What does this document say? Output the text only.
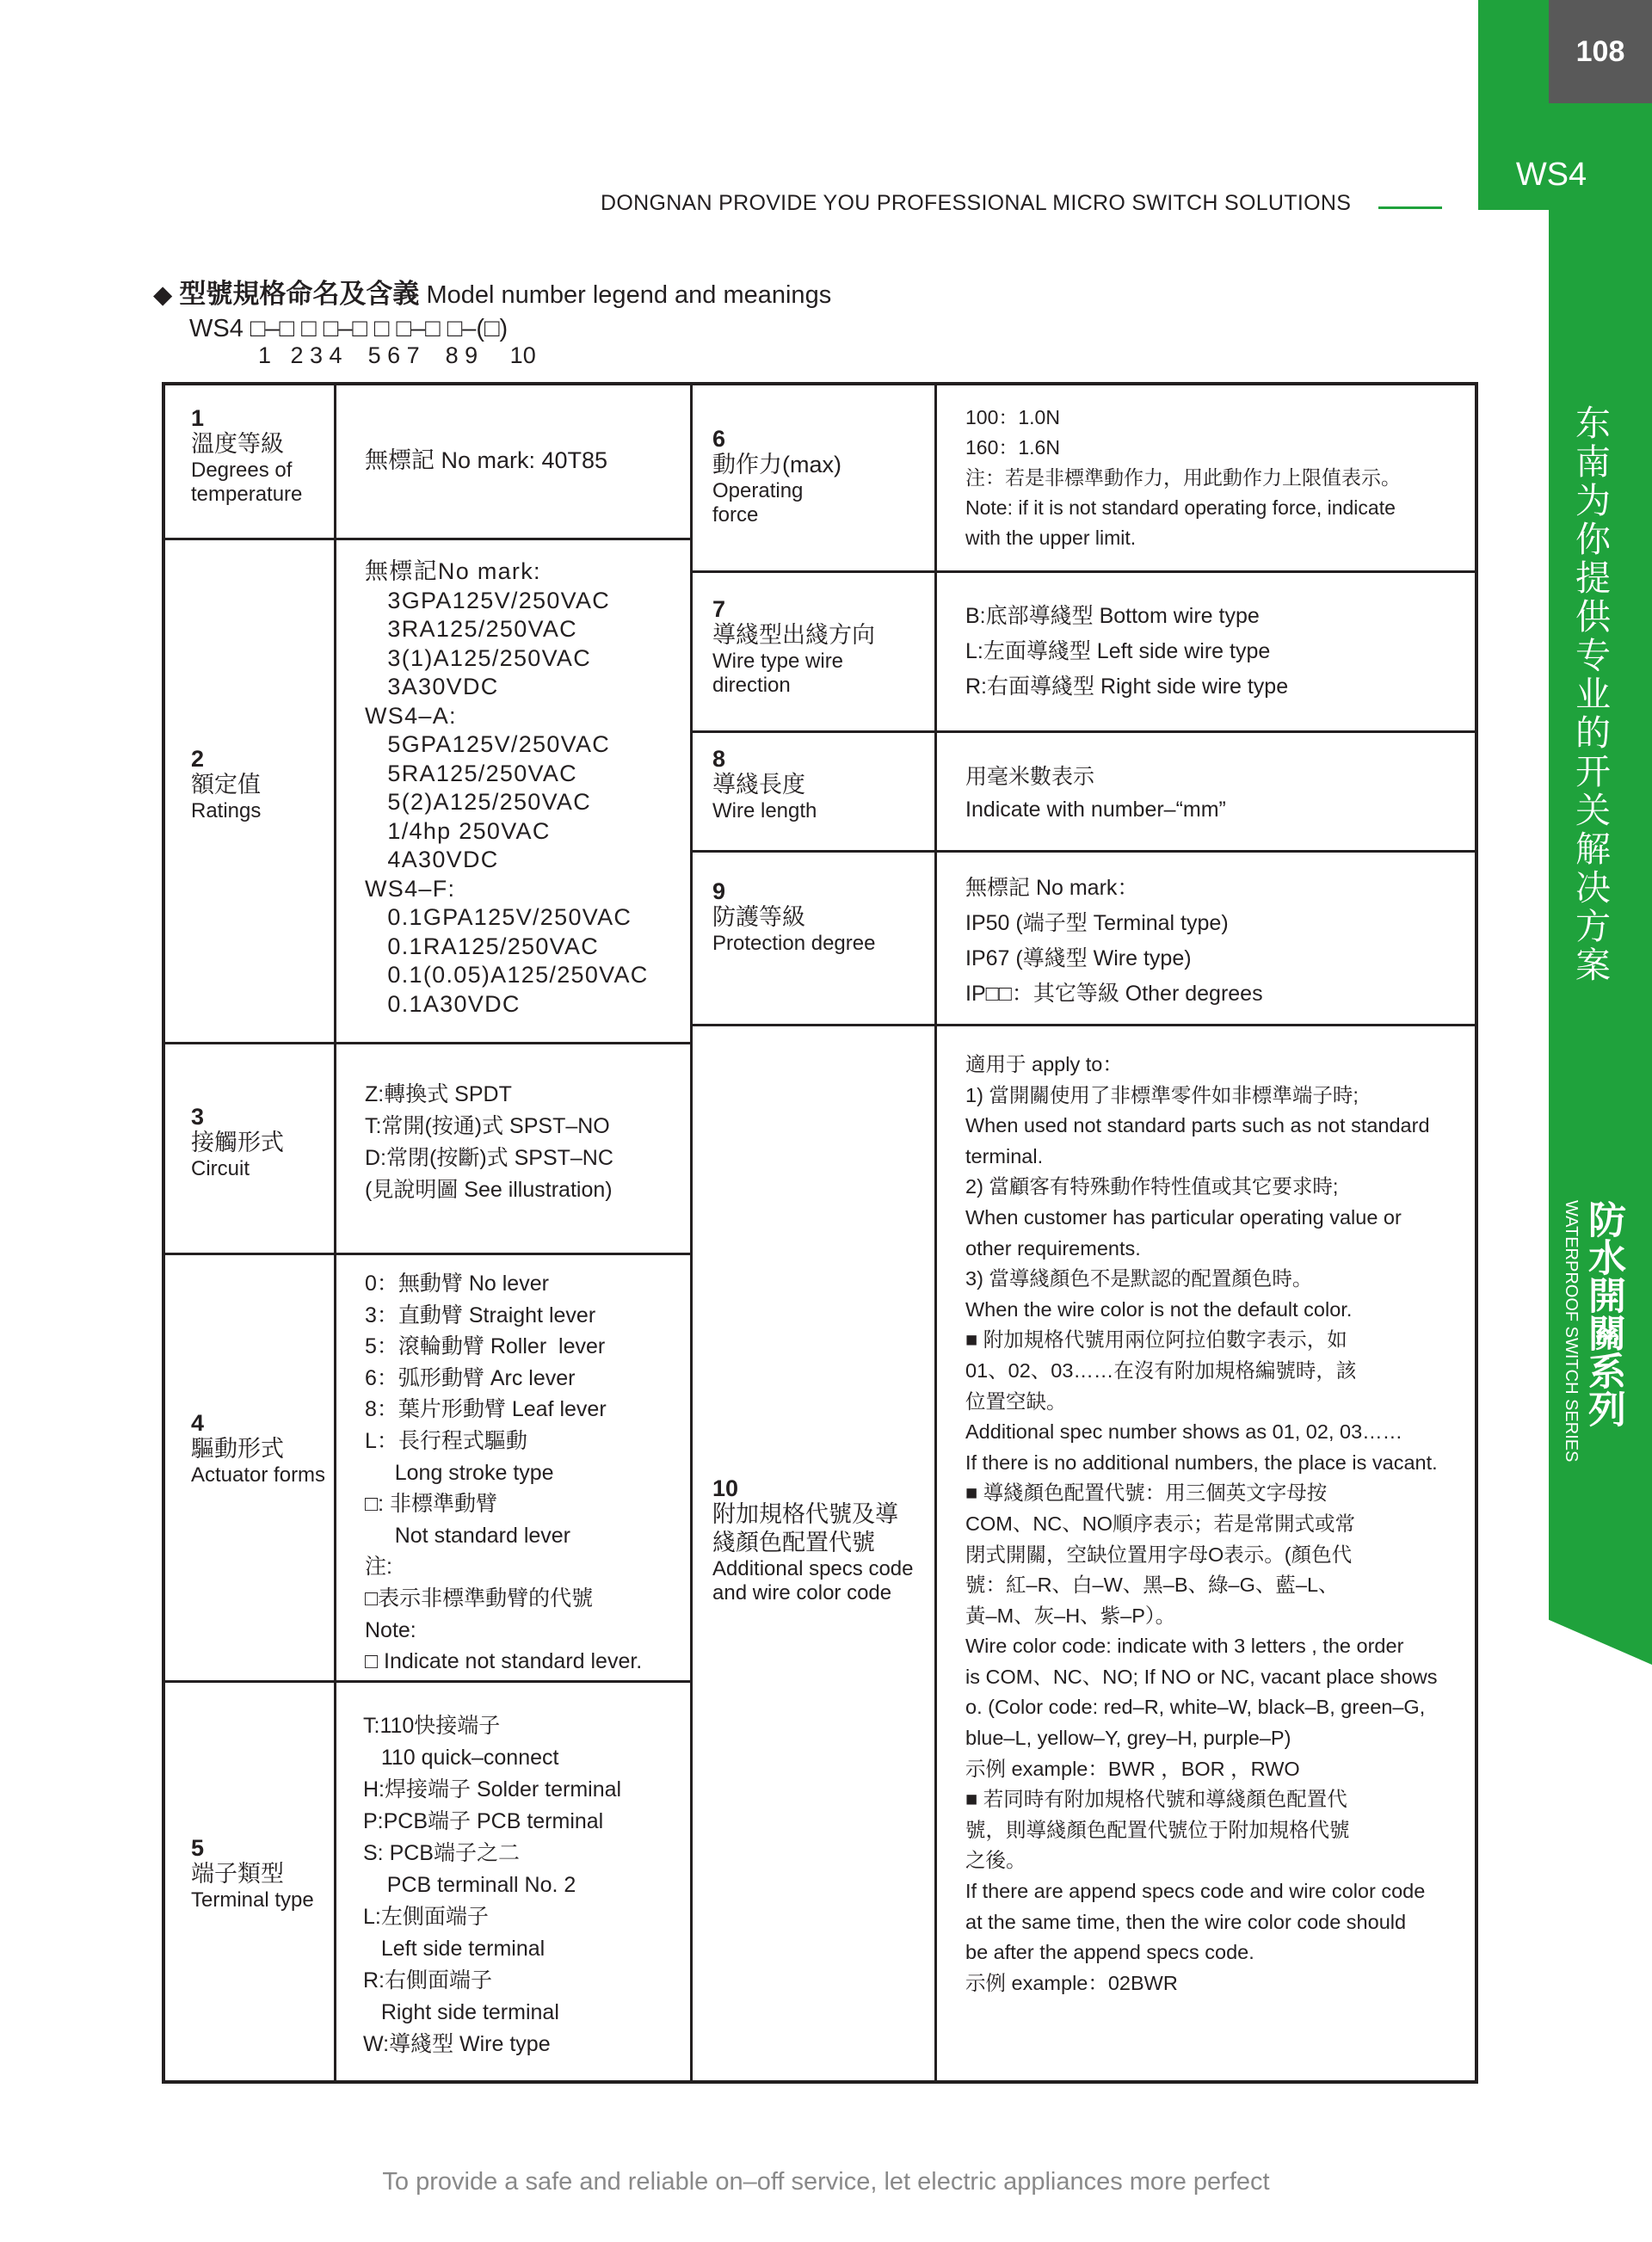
108
WS4
东南为你提供专业的开关解决方案
防水開關系列 WATERPROOF SWITCH SERIES
DONGNAN PROVIDE YOU PROFESSIONAL MICRO SWITCH SOLUTIONS
◆ 型號規格命名及含義 Model number legend and meanings
WS4 □–□ □ □–□ □ □–□ □–(□)
1   2 3 4    5 6 7    8 9     10
1
溫度等級
Degrees of temperature
無標記 No mark: 40T85
2
額定值
Ratings
無標記No mark:
3GPA125V/250VAC
3RA125/250VAC
3(1)A125/250VAC
3A30VDC
WS4–A:
5GPA125V/250VAC
5RA125/250VAC
5(2)A125/250VAC
1/4hp 250VAC
4A30VDC
WS4–F:
0.1GPA125V/250VAC
0.1RA125/250VAC
0.1(0.05)A125/250VAC
0.1A30VDC
3
接觸形式
Circuit
Z:轉換式 SPDT
T:常開(按通)式 SPST–NO
D:常閉(按斷)式 SPST–NC
(見說明圖 See illustration)
4
驅動形式
Actuator forms
0：無動臂 No lever
3：直動臂 Straight lever
5：滾輪動臂 Roller  lever
6：弧形動臂 Arc lever
8：葉片形動臂 Leaf lever
L：長行程式驅動
Long stroke type
□: 非標準動臂
Not standard lever
注:
□表示非標準動臂的代號
Note:
□ Indicate not standard lever.
5
端子類型
Terminal type
T:110快接端子
110 quick–connect
H:焊接端子 Solder terminal
P:PCB端子 PCB terminal
S: PCB端子之二
PCB terminall No. 2
L:左側面端子
Left side terminal
R:右側面端子
Right side terminal
W:導綫型 Wire type
6
動作力(max)
Operating force
100：1.0N
160：1.6N
注：若是非標準動作力，用此動作力上限值表示。
Note: if it is not standard operating force, indicate
with the upper limit.
7
導綫型出綫方向
Wire type wire direction
B:底部導綫型 Bottom wire type
L:左面導綫型 Left side wire type
R:右面導綫型 Right side wire type
8
導綫長度
Wire length
用毫米數表示
Indicate with number–“mm”
9
防護等級
Protection degree
無標記 No mark：
IP50 (端子型 Terminal type)
IP67 (導綫型 Wire type)
IP□□：其它等級 Other degrees
10
附加規格代號及導綫顏色配置代號
Additional specs code and wire color code
適用于 apply to：
1) 當開關使用了非標準零件如非標準端子時;
When used not standard parts such as not standard
terminal.
2) 當顧客有特殊動作特性值或其它要求時;
When customer has particular operating value or
other requirements.
3) 當導綫顏色不是默認的配置顏色時。
When the wire color is not the default color.
■ 附加規格代號用兩位阿拉伯數字表示，如
01、02、03……在沒有附加規格編號時，該
位置空缺。
Additional spec number shows as 01, 02, 03……
If there is no additional numbers, the place is vacant.
■ 導綫顏色配置代號：用三個英文字母按
COM、NC、NO順序表示；若是常開式或常
閉式開關，空缺位置用字母O表示。(顏色代
號：紅–R、白–W、黑–B、綠–G、藍–L、
黃–M、灰–H、紫–P）。
Wire color code: indicate with 3 letters , the order
is COM、NC、NO; If NO or NC, vacant place shows
o. (Color code: red–R, white–W, black–B, green–G,
blue–L, yellow–Y, grey–H, purple–P)
示例 example：BWR ，BOR ，RWO
■ 若同時有附加規格代號和導綫顏色配置代
號，則導綫顏色配置代號位于附加規格代號
之後。
If there are append specs code and wire color code
at the same time, then the wire color code should
be after the append specs code.
示例 example：02BWR
To provide a safe and reliable on–off service, let electric appliances more perfect
